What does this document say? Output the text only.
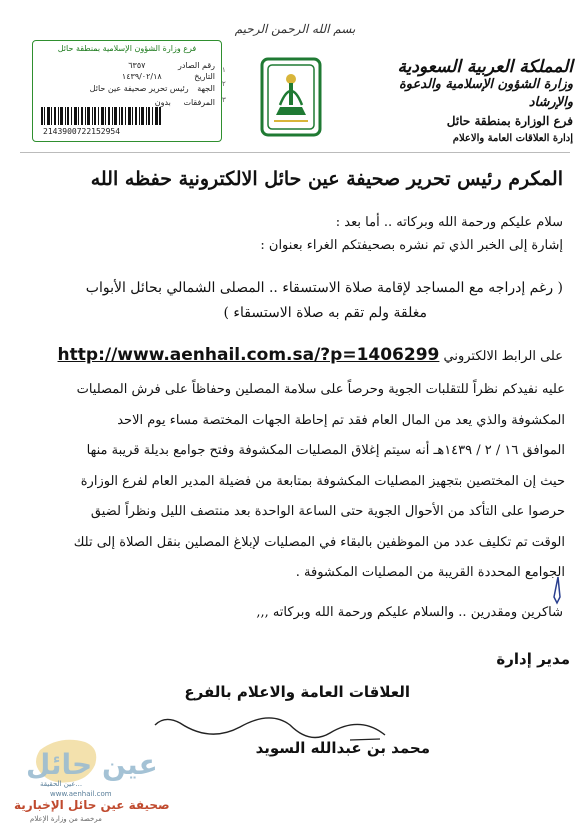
بسم الله الرحمن الرحيم
المملكة العربية السعودية
وزارة الشؤون الإسلامية والدعوة والإرشاد
فرع الوزارة بمنطقة حائل
إدارة العلاقات العامة والاعلام
١
٢
٣
فرع وزارة الشؤون الإسلامية بمنطقة حائل
رقم الصادر ٦٣٥٧
التاريخ ١٤٣٩/٠٢/١٨
الجهة رئيس تحرير صحيفة عين حائل
المرفقات بدون
2143900722152954
المكرم رئيس تحرير صحيفة عين حائل الالكترونية حفظه الله
سلام عليكم ورحمة الله وبركاته .. أما بعد :
إشارة إلى الخبر الذي تم نشره بصحيفتكم الغراء بعنوان :
( رغم إدراجه مع المساجد لإقامة صلاة الاستسقاء .. المصلى الشمالي بحائل الأبواب
مغلقة ولم تقم به صلاة الاستسقاء )
على الرابط الالكتروني http://www.aenhail.com.sa/?p=1406299
عليه نفيدكم نظراً للتقلبات الجوية وحرصاً على سلامة المصلين وحفاظاً على فرش المصليات
المكشوفة والذي يعد من المال العام فقد تم إحاطة الجهات المختصة مساء يوم الاحد
الموافق ١٦ / ٢ / ١٤٣٩هـ أنه سيتم إغلاق المصليات المكشوفة وفتح جوامع بديلة قريبة منها
حيث إن المختصين بتجهيز المصليات المكشوفة بمتابعة من فضيلة المدير العام لفرع الوزارة
حرصوا على التأكد من الأحوال الجوية حتى الساعة الواحدة بعد منتصف الليل ونظراً لضيق
الوقت تم تكليف عدد من الموظفين بالبقاء في المصليات لإبلاغ المصلين بنقل الصلاة إلى تلك
الجوامع المحددة القريبة من المصليات المكشوفة .
شاكرين ومقدرين .. والسلام عليكم ورحمة الله وبركاته ,,,
مدير إدارة
العلاقات العامة والاعلام بالفرع
محمد بن عبدالله السويد
عين حائل
عين الحقيقة...
www.aenhail.com
صحيفة عين حائل الإخبارية
مرخصة من وزارة الإعلام
